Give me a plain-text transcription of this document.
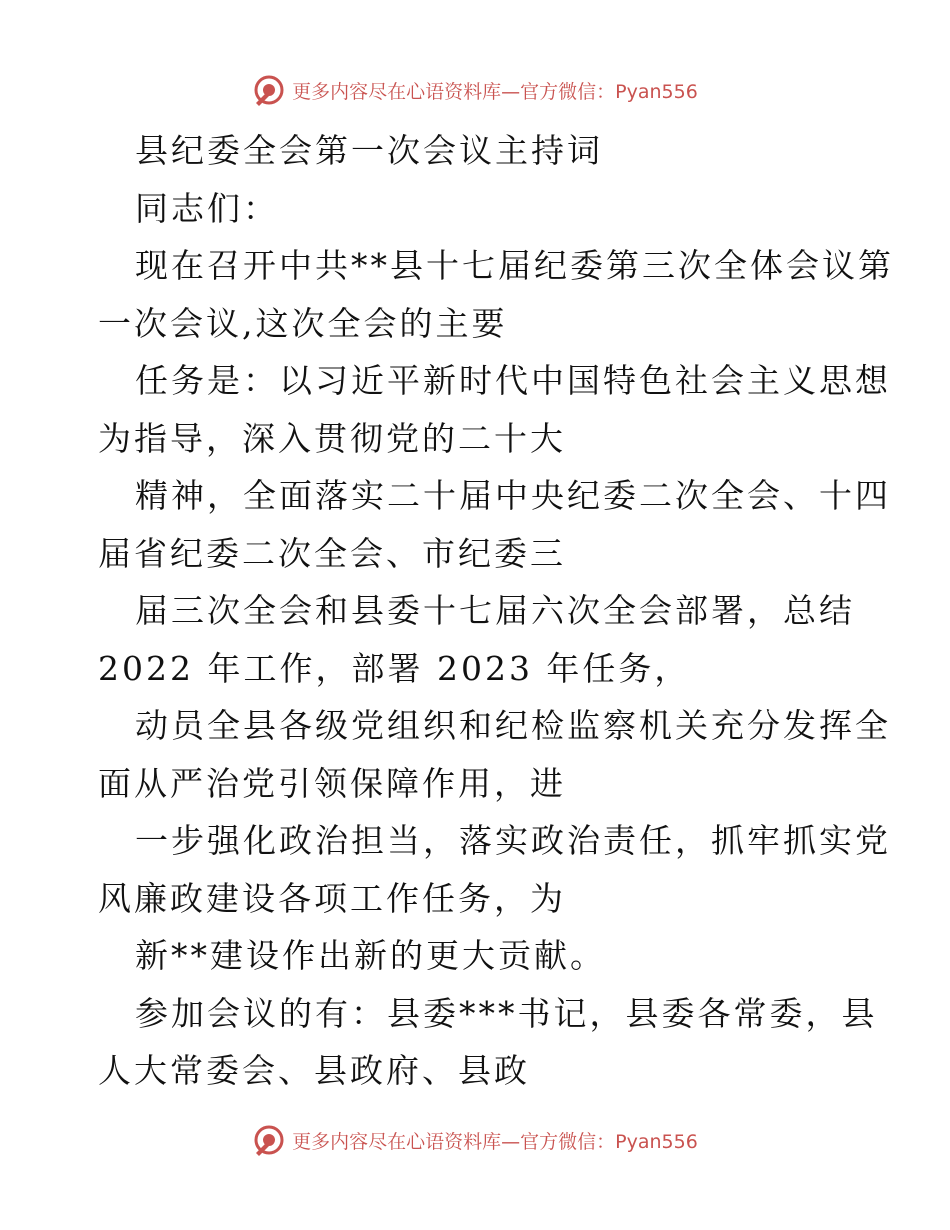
更多内容尽在心语资料库—官方微信：Pyan556
县纪委全会第一次会议主持词
同志们：
现在召开中共**县十七届纪委第三次全体会议第
一次会议,这次全会的主要
任务是：以习近平新时代中国特色社会主义思想
为指导，深入贯彻党的二十大
精神，全面落实二十届中央纪委二次全会、十四
届省纪委二次全会、市纪委三
届三次全会和县委十七届六次全会部署，总结
2022 年工作，部署 2023 年任务，
动员全县各级党组织和纪检监察机关充分发挥全
面从严治党引领保障作用，进
一步强化政治担当，落实政治责任，抓牢抓实党
风廉政建设各项工作任务，为
新**建设作出新的更大贡献。
参加会议的有：县委***书记，县委各常委，县
人大常委会、县政府、县政
更多内容尽在心语资料库—官方微信：Pyan556
